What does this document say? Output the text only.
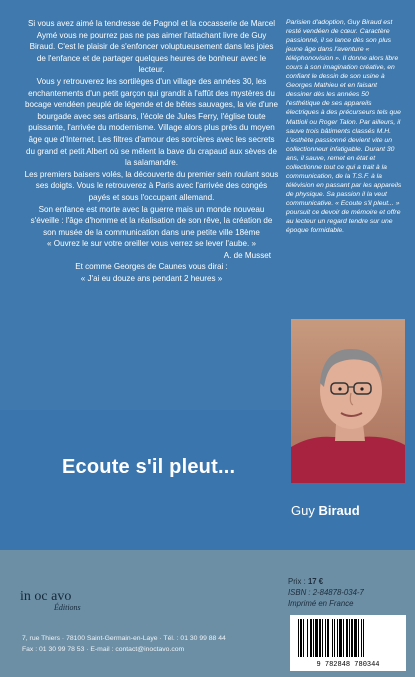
Si vous avez aimé la tendresse de Pagnol et la cocasserie de Marcel Aymé vous ne pourrez pas ne pas aimer l'attachant livre de Guy Biraud. C'est le plaisir de s'enfoncer voluptueusement dans les joies de l'enfance et de partager quelques heures de bonheur avec le lecteur.

Vous y retrouverez les sortilèges d'un village des années 30, les enchantements d'un petit garçon qui grandit à l'affût des mystères du bocage vendéen peuplé de légende et de bêtes sauvages, la vie d'une bourgade avec ses artisans, l'école de Jules Ferry, l'église toute puissante, l'arrivée du modernisme. Village alors plus près du moyen âge que d'Internet. Les filtres d'amour des sorcières avec les secrets du grand et petit Albert où se mêlent la bave du crapaud aux sèves de la salamandre.

Les premiers baisers volés, la découverte du premier sein roulant sous ses doigts. Vous le retrouverez à Paris avec l'arrivée des congés payés et sous l'occupant allemand.

Son enfance est morte avec la guerre mais un monde nouveau s'éveille : l'âge d'homme et la réalisation de son rêve, la création de son musée de la communication dans une petite ville 18ème

« Ouvrez le sur votre oreiller vous verrez se lever l'aube. »

A. de Musset

Et comme Georges de Caunes vous dirai :

« J'ai eu douze ans pendant 2 heures »

Parisien d'adoption, Guy Biraud est resté vendéen de cœur. Caractère passionné, il se lance dès son plus jeune âge dans l'aventure « téléphonovision ». Il donne alors libre cours à son imagination créative, en confiant le dessin de son usine à Georges Mathieu et en faisant dessiner dès les années 50 l'esthétique de ses appareils électriques à des précurseurs tels que Mattioli ou Roger Talon. Par ailleurs, il sauve trois bâtiments classés M.H. L'esthète passionné devient vite un collectionneur infatigable. Durant 30 ans, il sauve, remet en état et collectionne tout ce qui a trait à la communication, de la T.S.F. à la télévision en passant par les appareils de physique. Sa passion il la veut communicative. « Ecoute s'il pleut... » poursuit ce devoir de mémoire et offre au lecteur un regard tendre sur une époque formidable.
Ecoute s'il pleut...
Guy Biraud
in oc avo
Éditions
7, rue Thiers · 78100 Saint-Germain-en-Laye · Tél. : 01 30 99 88 44
Fax : 01 30 99 78 53 · E-mail : contact@inoctavo.com
Prix : 17 €
ISBN : 2-84878-034-7
Imprimé en France
9 782848 780344
